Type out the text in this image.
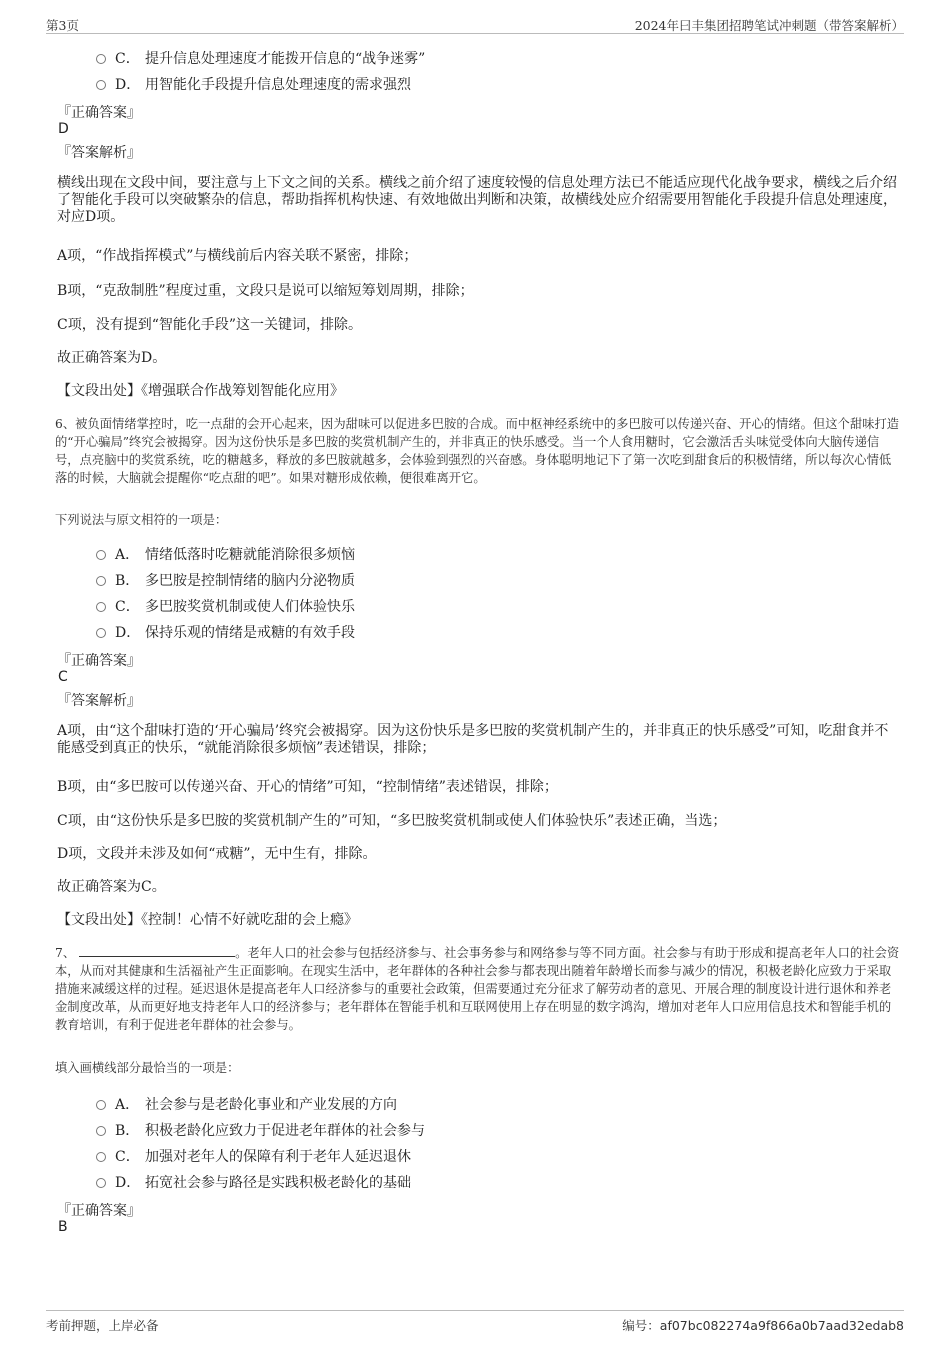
第3页	2024年曰丰集团招聘笔试冲刺题（带答案解析）
C． 提升信息处理速度才能拨开信息的“战争迷雾”
D． 用智能化手段提升信息处理速度的需求强烈
『正确答案』
D
『答案解析』
横线出现在文段中间，要注意与上下文之间的关系。横线之前介绍了速度较慢的信息处理方法已不能适应现代化战争要求，横线之后介绍了智能化手段可以突破繁杂的信息，帮助指挥机构快速、有效地做出判断和决策，故横线处应介绍需要用智能化手段提升信息处理速度，对应D项。
A项，“作战指挥模式”与横线前后内容关联不紧密，排除；
B项，“克敌制胜”程度过重，文段只是说可以缩短筹划周期，排除；
C项，没有提到“智能化手段”这一关键词，排除。
故正确答案为D。
【文段出处】《增强联合作战筹划智能化应用》
6、被负面情绪掌控时，吃一点甜的会开心起来，因为甜味可以促进多巴胺的合成。而中枢神经系统中的多巴胺可以传递兴奋、开心的情绪。但这个甜味打造的“开心骗局”终究会被揭穿。因为这份快乐是多巴胺的奖赏机制产生的，并非真正的快乐感受。当一个人食用糖时，它会激活舌头味觉受体向大脑传递信号，点亮脑中的奖赏系统，吃的糖越多，释放的多巴胺就越多，会体验到强烈的兴奋感。身体聪明地记下了第一次吃到甜食后的积极情绪，所以每次心情低落的时候，大脑就会提醒你“吃点甜的吧”。如果对糖形成依赖，便很难离开它。
下列说法与原文相符的一项是：
A． 情绪低落时吃糖就能消除很多烦恼
B． 多巴胺是控制情绪的脑内分泌物质
C． 多巴胺奖赏机制或使人们体验快乐
D． 保持乐观的情绪是戒糖的有效手段
『正确答案』
C
『答案解析』
A项，由“这个甜味打造的‘开心骗局’终究会被揭穿。因为这份快乐是多巴胺的奖赏机制产生的，并非真正的快乐感受”可知，吃甜食并不能感受到真正的快乐，“就能消除很多烦恼”表述错误，排除；
B项，由“多巴胺可以传递兴奋、开心的情绪”可知，“控制情绪”表述错误，排除；
C项，由“这份快乐是多巴胺的奖赏机制产生的”可知，“多巴胺奖赏机制或使人们体验快乐”表述正确，当选；
D项，文段并未涉及如何“戒糖”，无中生有，排除。
故正确答案为C。
【文段出处】《控制！心情不好就吃甜的会上瘾》
7、	。老年人口的社会参与包括经济参与、社会事务参与和网络参与等不同方面。社会参与有助于形成和提高老年人口的社会资本，从而对其健康和生活福祉产生正面影响。在现实生活中，老年群体的各种社会参与都表现出随着年龄增长而参与减少的情况，积极老龄化应致力于采取措施来减缓这样的过程。延迟退休是提高老年人口经济参与的重要社会政策，但需要通过充分征求了解劳动者的意见、开展合理的制度设计进行退休和养老金制度改革，从而更好地支持老年人口的经济参与；老年群体在智能手机和互联网使用上存在明显的数字鸿沟，增加对老年人口应用信息技术和智能手机的教育培训，有利于促进老年群体的社会参与。
填入画横线部分最恰当的一项是：
A． 社会参与是老龄化事业和产业发展的方向
B． 积极老龄化应致力于促进老年群体的社会参与
C． 加强对老年人的保障有利于老年人延迟退休
D． 拓宽社会参与路径是实践积极老龄化的基础
『正确答案』
B
考前押题，上岸必备	编号：af07bc082274a9f866a0b7aad32edab8
